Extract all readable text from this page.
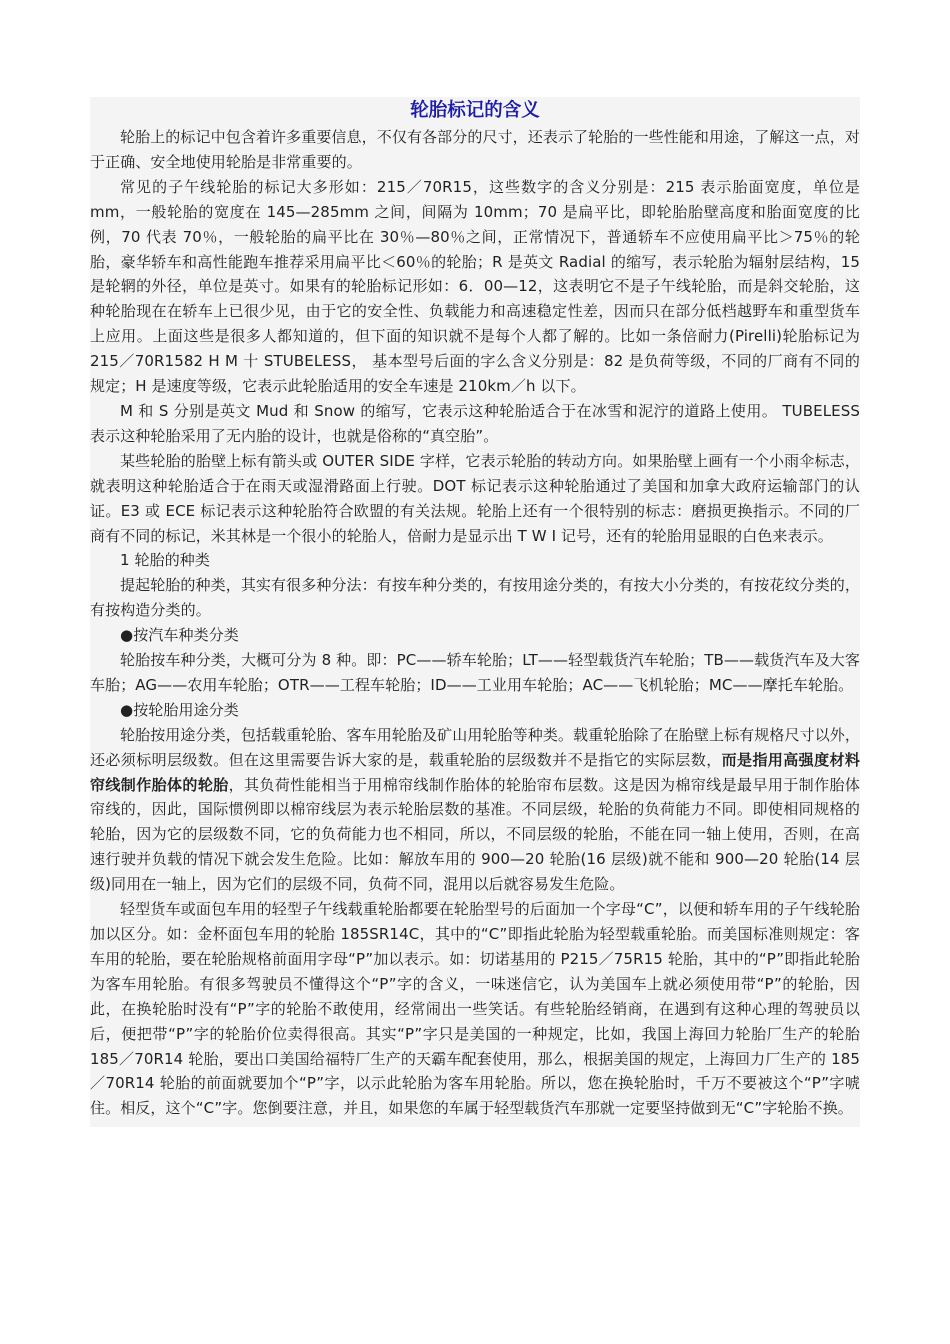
轮胎标记的含义

轮胎上的标记中包含着许多重要信息，不仅有各部分的尺寸，还表示了轮胎的一些性能和用途，了解这一点，对于正确、安全地使用轮胎是非常重要的。

常见的子午线轮胎的标记大多形如：215／70R15，这些数字的含义分别是：215 表示胎面宽度，单位是 mm，一般轮胎的宽度在 145—285mm 之间，间隔为 10mm；70 是扁平比，即轮胎胎壁高度和胎面宽度的比例，70 代表 70％，一般轮胎的扁平比在 30％—80％之间，正常情况下，普通轿车不应使用扁平比＞75％的轮胎，豪华轿车和高性能跑车推荐采用扁平比＜60％的轮胎；R 是英文 Radial 的缩写，表示轮胎为辐射层结构，15 是轮辋的外径，单位是英寸。如果有的轮胎标记形如：6．00—12，这表明它不是子午线轮胎，而是斜交轮胎，这种轮胎现在在轿车上已很少见，由于它的安全性、负载能力和高速稳定性差，因而只在部分低档越野车和重型货车上应用。上面这些是很多人都知道的，但下面的知识就不是每个人都了解的。比如一条倍耐力(Pirelli)轮胎标记为 215／70R1582 H M 十 STUBELESS， 基本型号后面的字么含义分别是：82 是负荷等级，不同的厂商有不同的规定；H 是速度等级，它表示此轮胎适用的安全车速是 210km／h 以下。

M 和 S 分别是英文 Mud 和 Snow 的缩写，它表示这种轮胎适合于在冰雪和泥泞的道路上使用。 TUBELESS 表示这种轮胎采用了无内胎的设计，也就是俗称的“真空胎”。

某些轮胎的胎壁上标有箭头或 OUTER SIDE 字样，它表示轮胎的转动方向。如果胎壁上画有一个小雨伞标志，就表明这种轮胎适合于在雨天或湿滑路面上行驶。DOT 标记表示这种轮胎通过了美国和加拿大政府运输部门的认证。E3 或 ECE 标记表示这种轮胎符合欧盟的有关法规。轮胎上还有一个很特别的标志：磨损更换指示。不同的厂商有不同的标记，米其林是一个很小的轮胎人，倍耐力是显示出 T W I 记号，还有的轮胎用显眼的白色来表示。

1 轮胎的种类

提起轮胎的种类，其实有很多种分法：有按车种分类的，有按用途分类的，有按大小分类的，有按花纹分类的，有按构造分类的。

●按汽车种类分类

轮胎按车种分类，大概可分为 8 种。即：PC——轿车轮胎；LT——轻型载货汽车轮胎；TB——载货汽车及大客车胎；AG——农用车轮胎；OTR——工程车轮胎；ID——工业用车轮胎；AC——飞机轮胎；MC——摩托车轮胎。

●按轮胎用途分类

轮胎按用途分类，包括载重轮胎、客车用轮胎及矿山用轮胎等种类。载重轮胎除了在胎壁上标有规格尺寸以外，还必须标明层级数。但在这里需要告诉大家的是，载重轮胎的层级数并不是指它的实际层数，而是指用高强度材料帘线制作胎体的轮胎，其负荷性能相当于用棉帘线制作胎体的轮胎帘布层数。这是因为棉帘线是最早用于制作胎体帘线的，因此，国际惯例即以棉帘线层为表示轮胎层数的基准。不同层级，轮胎的负荷能力不同。即使相同规格的轮胎，因为它的层级数不同，它的负荷能力也不相同，所以，不同层级的轮胎，不能在同一轴上使用，否则，在高速行驶并负载的情况下就会发生危险。比如：解放车用的 900—20 轮胎(16 层级)就不能和 900—20 轮胎(14 层级)同用在一轴上，因为它们的层级不同，负荷不同，混用以后就容易发生危险。

轻型货车或面包车用的轻型子午线载重轮胎都要在轮胎型号的后面加一个字母“C”，以便和轿车用的子午线轮胎加以区分。如：金杯面包车用的轮胎 185SR14C，其中的“C”即指此轮胎为轻型载重轮胎。而美国标准则规定：客车用的轮胎，要在轮胎规格前面用字母“P”加以表示。如：切诺基用的 P215／75R15 轮胎，其中的“P”即指此轮胎为客车用轮胎。有很多驾驶员不懂得这个“P”字的含义，一味迷信它，认为美国车上就必须使用带“P”的轮胎，因此，在换轮胎时没有“P”字的轮胎不敢使用，经常闹出一些笑话。有些轮胎经销商，在遇到有这种心理的驾驶员以后，便把带“P”字的轮胎价位卖得很高。其实“P”字只是美国的一种规定，比如，我国上海回力轮胎厂生产的轮胎 185／70R14 轮胎，要出口美国给福特厂生产的天霸车配套使用，那么，根据美国的规定，上海回力厂生产的 185／70R14 轮胎的前面就要加个“P”字，以示此轮胎为客车用轮胎。所以，您在换轮胎时，千万不要被这个“P”字唬住。相反，这个“C”字。您倒要注意，并且，如果您的车属于轻型载货汽车那就一定要坚持做到无“C”字轮胎不换。
